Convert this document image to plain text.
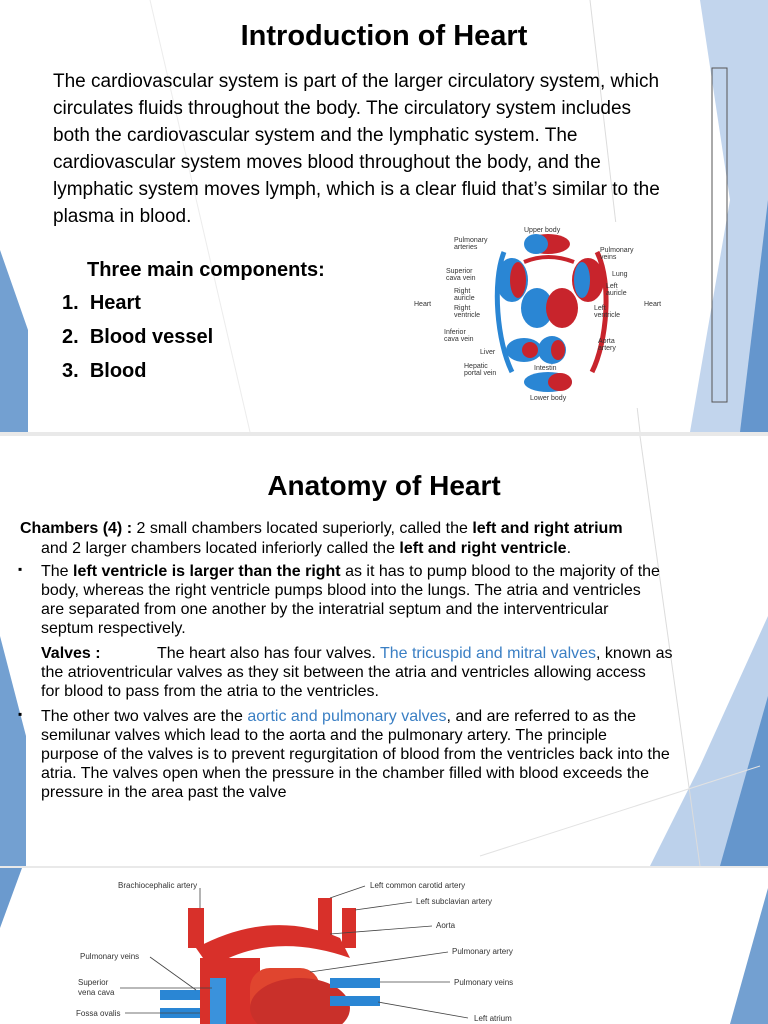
Introduction of Heart
The cardiovascular system is part of the larger circulatory system, which
circulates fluids throughout the body. The circulatory system includes
both the cardiovascular system and the lymphatic system. The
cardiovascular system moves blood throughout the body, and the
lymphatic system moves lymph, which is a clear fluid that’s similar to the
plasma in blood.
Three main components:
1. Heart
2. Blood vessel
3. Blood
Upper body
Pulmonary
arteries	Pulmonary
veins
Superior
cava vein
Lung
Right
auricle
Left
auricle
Heart	Heart
Right
ventricle
Left
ventricle
Inferior
cava vein	Aorta
artery
Liver
Intestin
Hepatic
portal vein
Lower body
Anatomy of Heart
Chambers (4) : 2 small chambers located superiorly, called the left and right atrium
and 2 larger chambers located inferiorly called the left and right ventricle.
▪ The left ventricle is larger than the right as it has to pump blood to the majority of the
body, whereas the right ventricle pumps blood into the lungs. The atria and ventricles
are separated from one another by the interatrial septum and the interventricular
septum respectively.
Valves :	The heart also has four valves. The tricuspid and mitral valves, known as
the atrioventricular valves as they sit between the atria and ventricles allowing access
for blood to pass from the atria to the ventricles.
▪ The other two valves are the aortic and pulmonary valves, and are referred to as the
semilunar valves which lead to the aorta and the pulmonary artery. The principle
purpose of the valves is to prevent regurgitation of blood from the ventricles back into the
atria. The valves open when the pressure in the chamber filled with blood exceeds the
pressure in the area past the valve
Brachiocephalic artery	Left common carotid artery
Left subclavian artery
Aorta
Pulmonary artery
Pulmonary veins
Pulmonary veins
Superior
vena cava
Fossa ovalis
Left atrium
